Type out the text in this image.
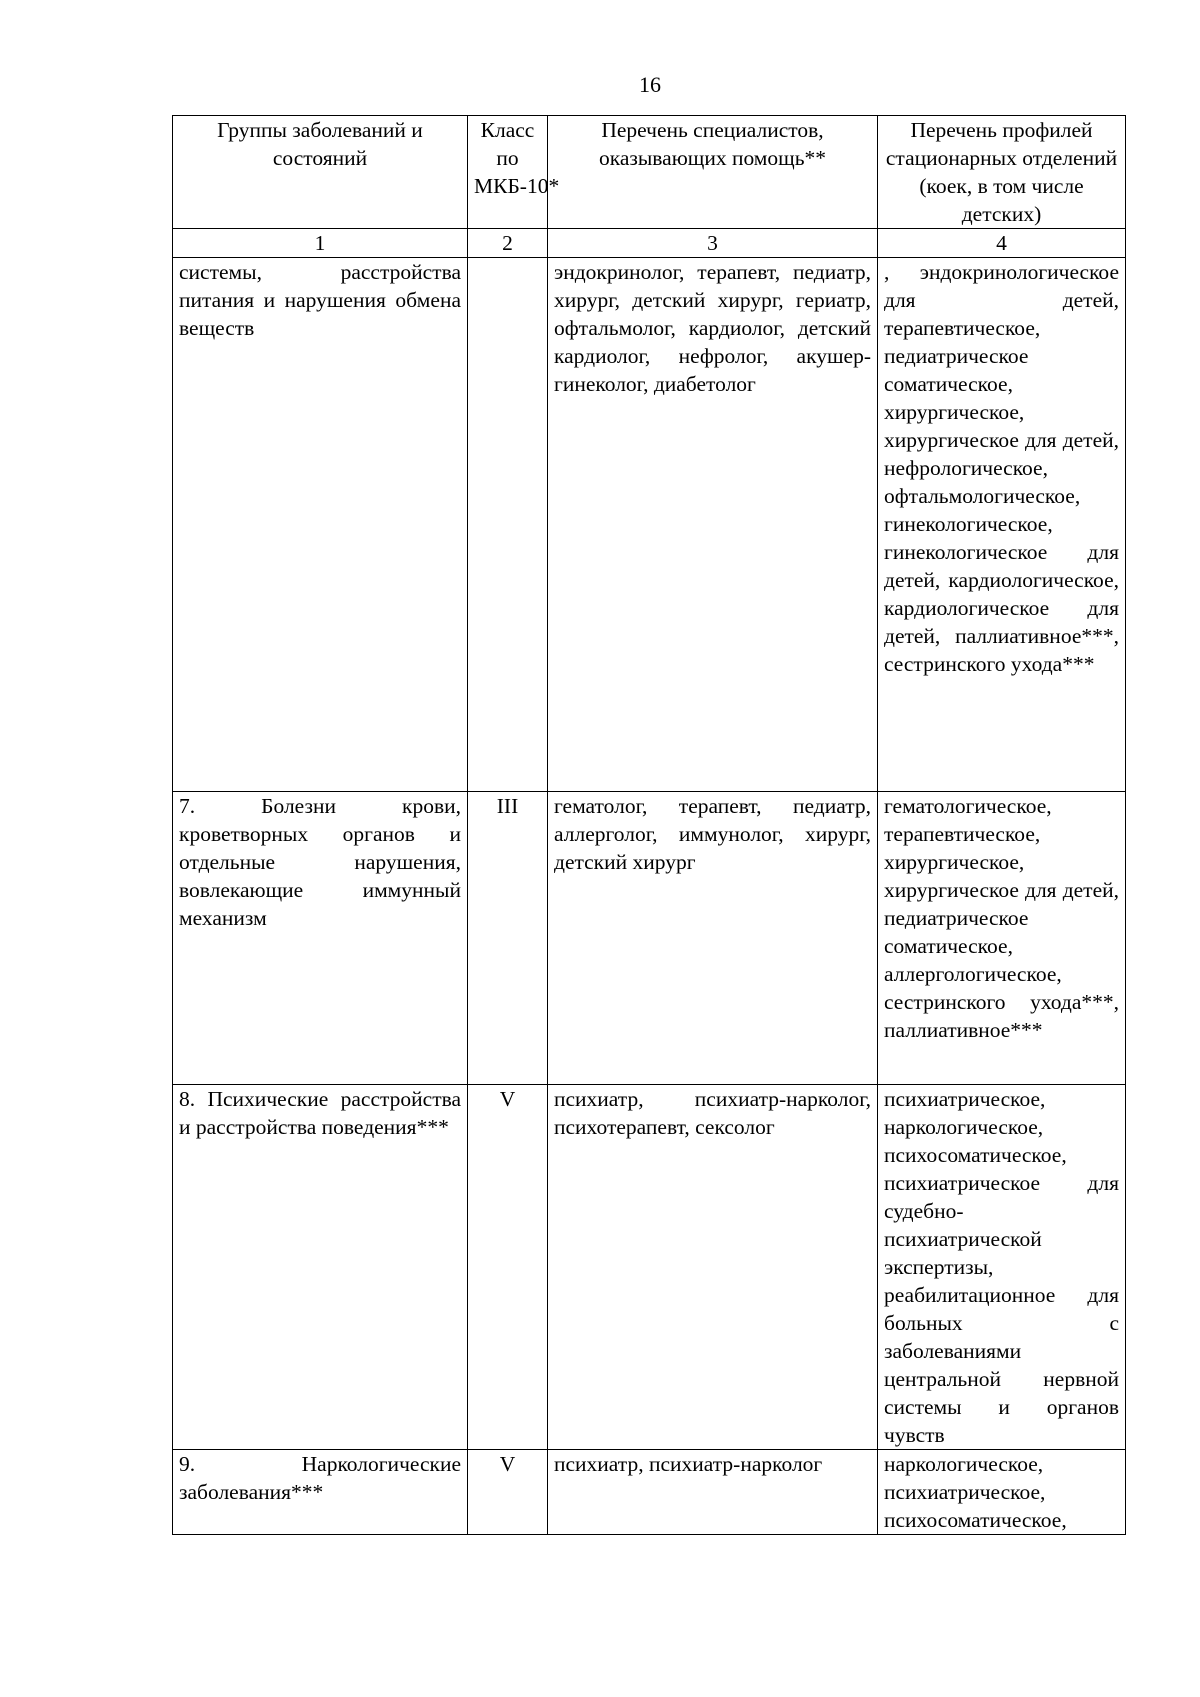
16
Группы заболеваний и состояний	Класс по МКБ-10*	Перечень специалистов, оказывающих помощь**	Перечень профилей стационарных отделений (коек, в том числе детских)
1	2	3	4
системы, расстройства питания и нарушения обмена веществ		эндокринолог, терапевт, педиатр, хирург, детский хирург, гериатр, офтальмолог, кардиолог, детский кардиолог, нефролог, акушер-гинеколог, диабетолог	, эндокринологическое для детей, терапевтическое, педиатрическое соматическое, хирургическое, хирургическое для детей, нефрологическое, офтальмологическое, гинекологическое, гинекологическое для детей, кардиологическое, кардиологическое для детей, паллиативное***, сестринского ухода***
7. Болезни крови, кроветворных органов и отдельные нарушения, вовлекающие иммунный механизм	III	гематолог, терапевт, педиатр, аллерголог, иммунолог, хирург, детский хирург	гематологическое, терапевтическое, хирургическое, хирургическое для детей, педиатрическое соматическое, аллергологическое, сестринского ухода***, паллиативное***
8. Психические расстройства и расстройства поведения***	V	психиатр, психиатр-нарколог, психотерапевт, сексолог	психиатрическое, наркологическое, психосоматическое, психиатрическое для судебно-психиатрической экспертизы, реабилитационное для больных с заболеваниями центральной нервной системы и органов чувств
9. Наркологические заболевания***	V	психиатр, психиатр-нарколог	наркологическое, психиатрическое, психосоматическое,
